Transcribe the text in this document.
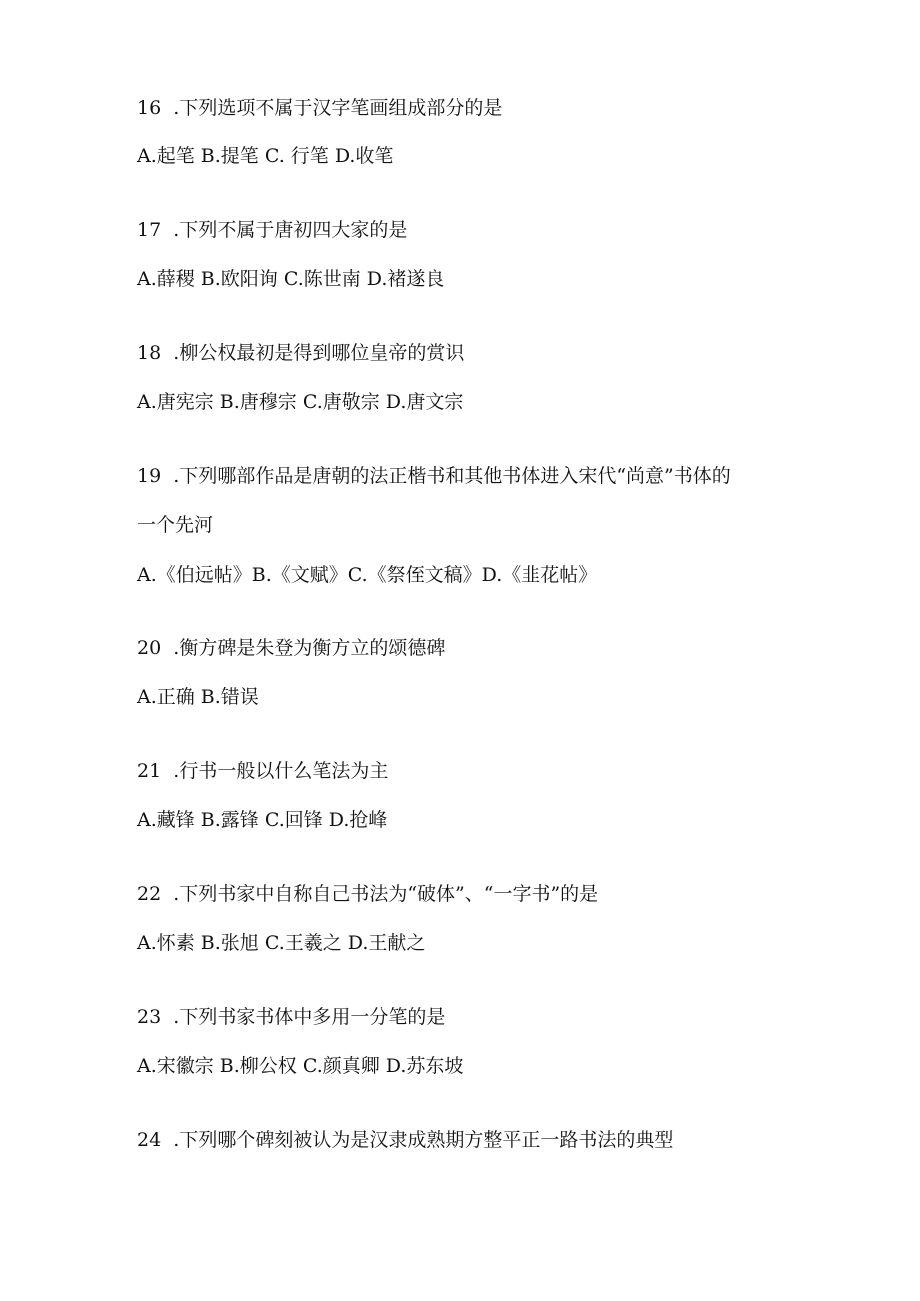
16 .下列选项不属于汉字笔画组成部分的是
A.起笔 B.提笔 C. 行笔 D.收笔
17 .下列不属于唐初四大家的是
A.薛稷 B.欧阳询 C.陈世南 D.褚遂良
18 .柳公权最初是得到哪位皇帝的赏识
A.唐宪宗 B.唐穆宗 C.唐敬宗 D.唐文宗
19 .下列哪部作品是唐朝的法正楷书和其他书体进入宋代“尚意”书体的
一个先河
A.《伯远帖》B.《文赋》C.《祭侄文稿》D.《韭花帖》
20 .衡方碑是朱登为衡方立的颂德碑
A.正确 B.错误
21 .行书一般以什么笔法为主
A.藏锋 B.露锋 C.回锋 D.抢峰
22 .下列书家中自称自己书法为“破体”、“一字书”的是
A.怀素 B.张旭 C.王羲之 D.王献之
23 .下列书家书体中多用一分笔的是
A.宋徽宗 B.柳公权 C.颜真卿 D.苏东坡
24 .下列哪个碑刻被认为是汉隶成熟期方整平正一路书法的典型
